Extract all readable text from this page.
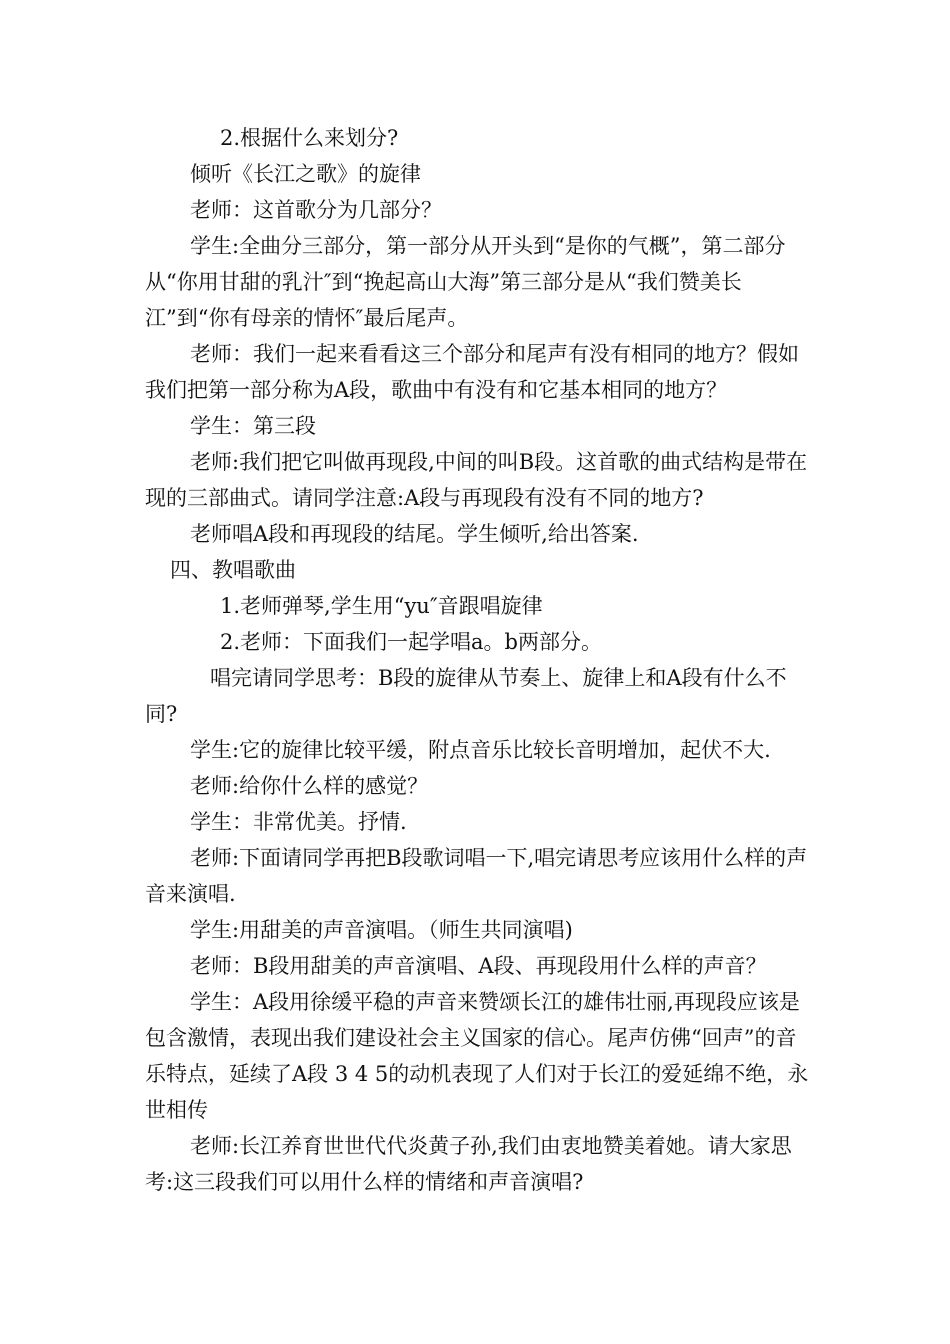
2.根据什么来划分?

倾听《长江之歌》的旋律

老师：这首歌分为几部分？

学生:全曲分三部分，第一部分从开头到“是你的气概”，第二部分从“你用甘甜的乳汁″到“挽起高山大海”第三部分是从“我们赞美长江”到“你有母亲的情怀″最后尾声。

老师：我们一起来看看这三个部分和尾声有没有相同的地方？假如我们把第一部分称为A段，歌曲中有没有和它基本相同的地方？

学生：第三段

老师:我们把它叫做再现段,中间的叫B段。这首歌的曲式结构是带在现的三部曲式。请同学注意:A段与再现段有没有不同的地方?

老师唱A段和再现段的结尾。学生倾听,给出答案.

四、教唱歌曲

1.老师弹琴,学生用“yu″音跟唱旋律

2.老师：下面我们一起学唱a。b两部分。

唱完请同学思考：B段的旋律从节奏上、旋律上和A段有什么不同?

学生:它的旋律比较平缓，附点音乐比较长音明增加，起伏不大.

老师:给你什么样的感觉？

学生：非常优美。抒情.

老师:下面请同学再把B段歌词唱一下,唱完请思考应该用什么样的声音来演唱.

学生:用甜美的声音演唱。（师生共同演唱)

老师：B段用甜美的声音演唱、A段、再现段用什么样的声音？

学生：A段用徐缓平稳的声音来赞颂长江的雄伟壮丽,再现段应该是包含激情，表现出我们建设社会主义国家的信心。尾声仿佛“回声”的音乐特点，延续了A段 3 4 5的动机表现了人们对于长江的爱延绵不绝，永世相传

老师:长江养育世世代代炎黄子孙,我们由衷地赞美着她。请大家思考:这三段我们可以用什么样的情绪和声音演唱?
